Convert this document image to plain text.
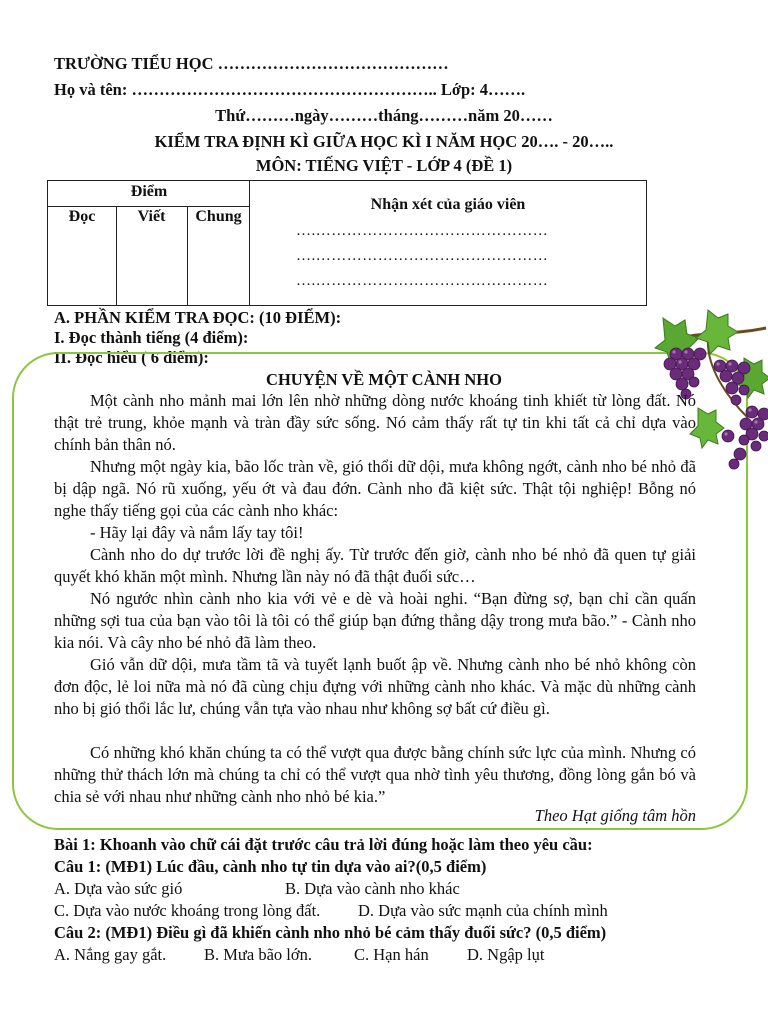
TRƯỜNG TIỂU HỌC ……………………………………
Họ và tên: ……………………………………………….. Lớp: 4…….
Thứ………ngày………tháng………năm 20……
KIỂM TRA ĐỊNH KÌ GIỮA HỌC KÌ I NĂM HỌC 20…. - 20…..
MÔN: TIẾNG VIỆT - LỚP 4 (ĐỀ 1)
Điểm
Đọc	Viết	Chung
Nhận xét của giáo viên
….………………………………………
….………………………………………
….………………………………………
A. PHẦN KIỂM TRA ĐỌC: (10 ĐIỂM):
I. Đọc thành tiếng (4 điểm):
II. Đọc hiểu ( 6 điểm):
CHUYỆN VỀ MỘT CÀNH NHO
Một cành nho mảnh mai lớn lên nhờ những dòng nước khoáng tinh khiết từ lòng đất. Nó thật trẻ trung, khỏe mạnh và tràn đầy sức sống. Nó cảm thấy rất tự tin khi tất cả chỉ dựa vào chính bản thân nó.
Nhưng một ngày kia, bão lốc tràn về, gió thổi dữ dội, mưa không ngớt, cành nho bé nhỏ đã bị dập ngã. Nó rũ xuống, yếu ớt và đau đớn. Cành nho đã kiệt sức. Thật tội nghiệp! Bỗng nó nghe thấy tiếng gọi của các cành nho khác:
- Hãy lại đây và nắm lấy tay tôi!
Cành nho do dự trước lời đề nghị ấy. Từ trước đến giờ, cành nho bé nhỏ đã quen tự giải quyết khó khăn một mình. Nhưng lần này nó đã thật đuối sức…
Nó ngước nhìn cành nho kia với vẻ e dè và hoài nghi. “Bạn đừng sợ, bạn chỉ cần quấn những sợi tua của bạn vào tôi là tôi có thể giúp bạn đứng thẳng dậy trong mưa bão.” - Cành nho kia nói. Và cây nho bé nhỏ đã làm theo.
Gió vẫn dữ dội, mưa tầm tã và tuyết lạnh buốt ập về. Nhưng cành nho bé nhỏ không còn đơn độc, lẻ loi nữa mà nó đã cùng chịu đựng với những cành nho khác. Và mặc dù những cành nho bị gió thổi lắc lư, chúng vẫn tựa vào nhau như không sợ bất cứ điều gì.
Có những khó khăn chúng ta có thể vượt qua được bằng chính sức lực của mình. Nhưng có những thử thách lớn mà chúng ta chỉ có thể vượt qua nhờ tình yêu thương, đồng lòng gắn bó và chia sẻ với nhau như những cành nho nhỏ bé kia.”
Theo Hạt giống tâm hồn
Bài 1: Khoanh vào chữ cái đặt trước câu trả lời đúng hoặc làm theo yêu cầu:
Câu 1: (MĐ1) Lúc đầu, cành nho tự tin dựa vào ai?(0,5 điểm)
A. Dựa vào sức gió	B. Dựa vào cành nho khác
C. Dựa vào nước khoáng trong lòng đất. D. Dựa vào sức mạnh của chính mình
Câu 2: (MĐ1) Điều gì đã khiến cành nho nhỏ bé cảm thấy đuối sức? (0,5 điểm)
A. Nắng gay gắt. B. Mưa bão lớn.	C. Hạn hán D. Ngập lụt
